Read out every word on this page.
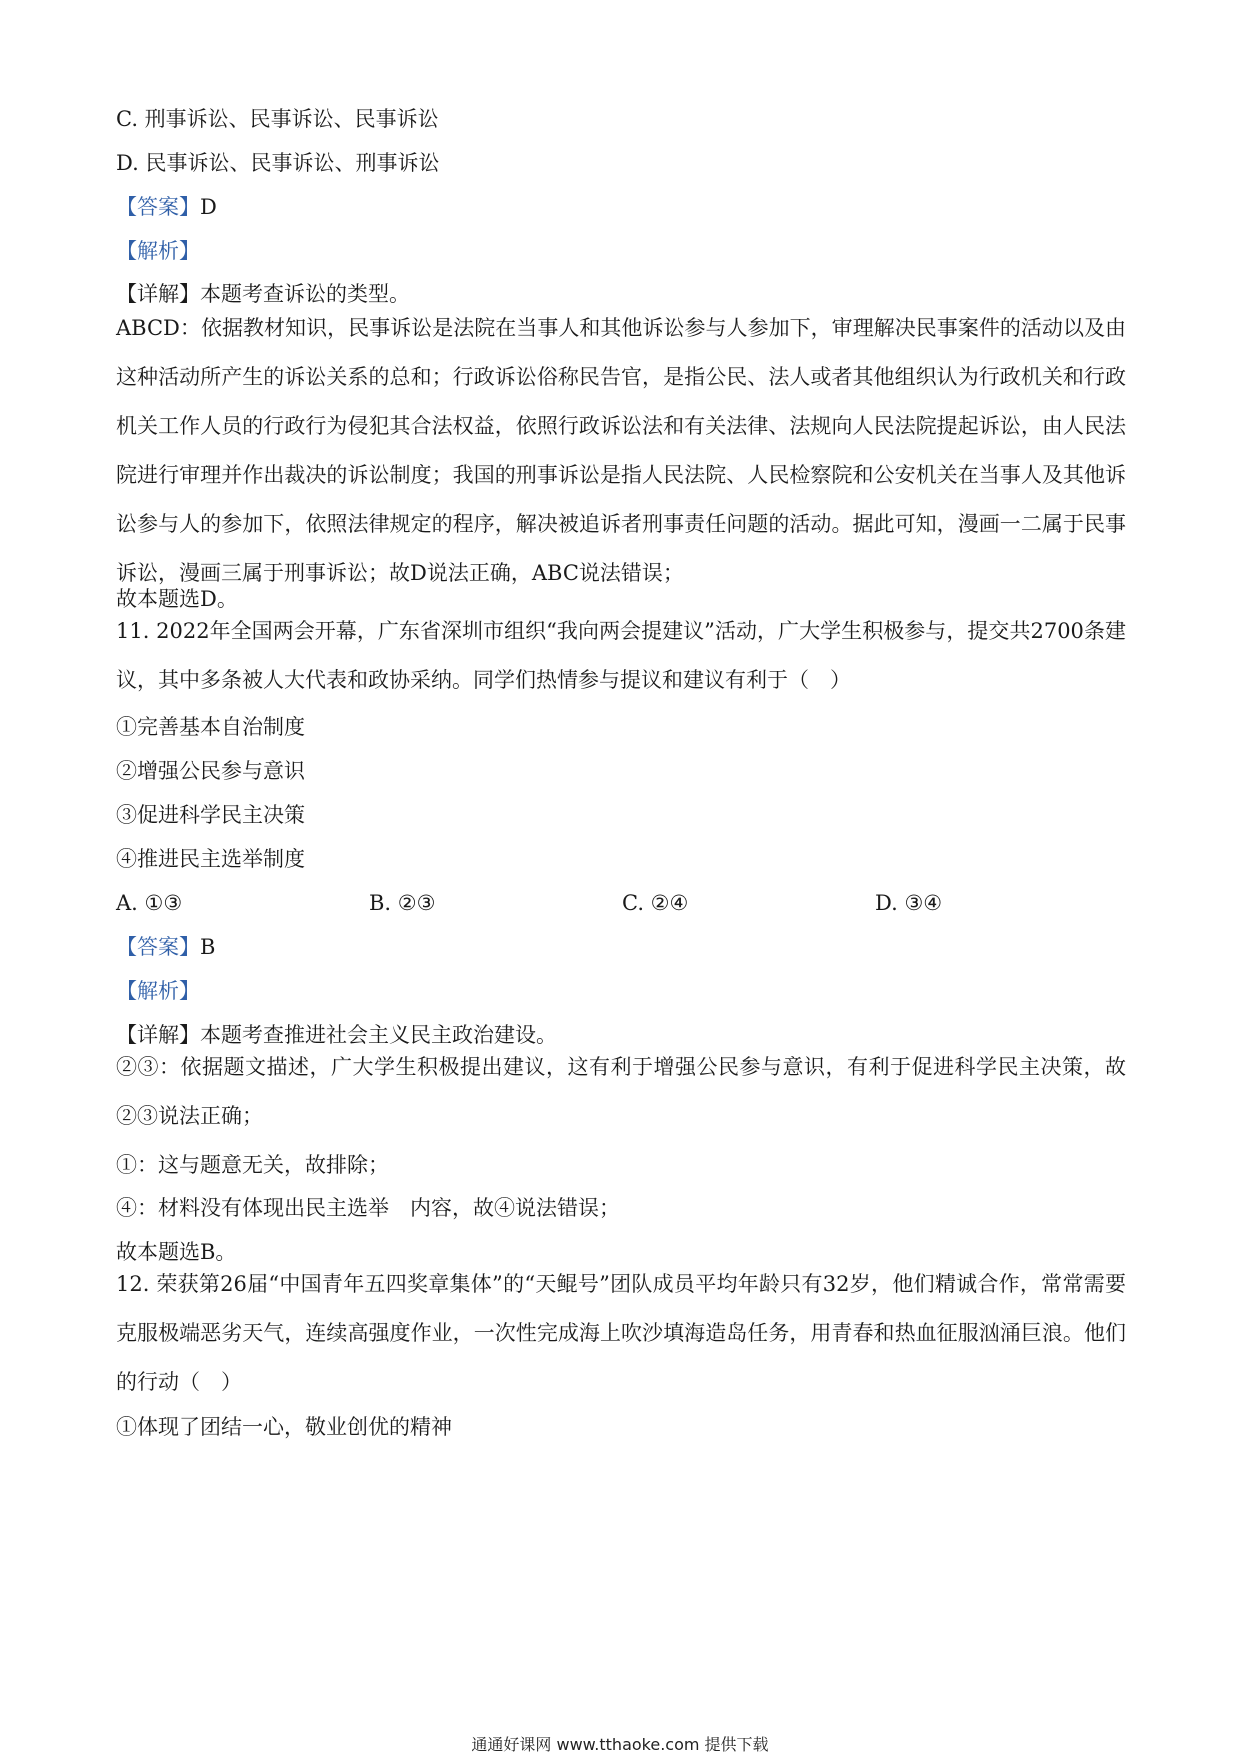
C. 刑事诉讼、民事诉讼、民事诉讼
D. 民事诉讼、民事诉讼、刑事诉讼
【答案】D
【解析】
【详解】本题考查诉讼的类型。
ABCD：依据教材知识，民事诉讼是法院在当事人和其他诉讼参与人参加下，审理解决民事案件的活动以及由这种活动所产生的诉讼关系的总和；行政诉讼俗称民告官，是指公民、法人或者其他组织认为行政机关和行政机关工作人员的行政行为侵犯其合法权益，依照行政诉讼法和有关法律、法规向人民法院提起诉讼，由人民法院进行审理并作出裁决的诉讼制度；我国的刑事诉讼是指人民法院、人民检察院和公安机关在当事人及其他诉讼参与人的参加下，依照法律规定的程序，解决被追诉者刑事责任问题的活动。据此可知，漫画一二属于民事诉讼，漫画三属于刑事诉讼；故D说法正确，ABC说法错误；
故本题选D。
11. 2022年全国两会开幕，广东省深圳市组织“我向两会提建议”活动，广大学生积极参与，提交共2700条建议，其中多条被人大代表和政协采纳。同学们热情参与提议和建议有利于（　）
①完善基本自治制度
②增强公民参与意识
③促进科学民主决策
④推进民主选举制度
A. ①③	B. ②③	C. ②④	D. ③④
【答案】B
【解析】
【详解】本题考查推进社会主义民主政治建设。
②③：依据题文描述，广大学生积极提出建议，这有利于增强公民参与意识，有利于促进科学民主决策，故②③说法正确；
①：这与题意无关，故排除；
④：材料没有体现出民主选举　内容，故④说法错误；
故本题选B。
12. 荣获第26届“中国青年五四奖章集体”的“天鲲号”团队成员平均年龄只有32岁，他们精诚合作，常常需要克服极端恶劣天气，连续高强度作业，一次性完成海上吹沙填海造岛任务，用青春和热血征服汹涌巨浪。他们的行动（　）
①体现了团结一心，敬业创优的精神
通通好课网 www.tthaoke.com 提供下载
